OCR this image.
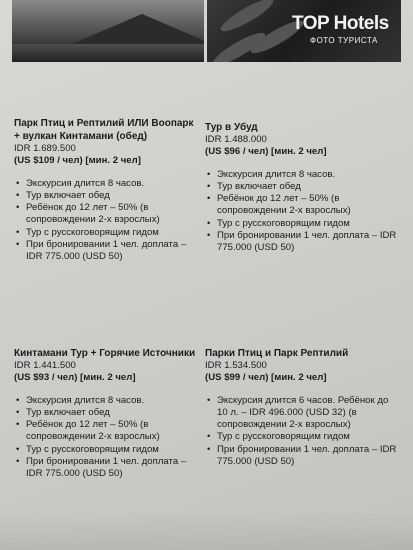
TOP Hotels
ФОТО ТУРИСТА
Парк Птиц и Рептилий ИЛИ Воопарк + вулкан Кинтамани (обед)
IDR 1.689.500
(US $109 / чел) [мин. 2 чел]
• Экскурсия длится 8 часов.
• Тур включает обед
• Ребёнок до 12 лет – 50% (в сопровождении 2-х взрослых)
• Тур с русскоговорящим гидом
• При бронировании 1 чел. доплата – IDR 775.000 (USD 50)
Тур в Убуд
IDR 1.488.000
(US $96 / чел) [мин. 2 чел]
• Экскурсия длится 8 часов.
• Тур включает обед
• Ребёнок до 12 лет – 50% (в сопровождении 2-х взрослых)
• Тур с русскоговорящим гидом
• При бронировании 1 чел. доплата – IDR 775.000 (USD 50)
Кинтамани Тур + Горячие Источники
IDR 1.441.500
(US $93 / чел) [мин. 2 чел]
• Экскурсия длится 8 часов.
• Тур включает обед
• Ребёнок до 12 лет – 50% (в сопровождении 2-х взрослых)
• Тур с русскоговорящим гидом
• При бронировании 1 чел. доплата – IDR 775.000 (USD 50)
Парки Птиц и Парк Рептилий
IDR 1.534.500
(US $99 / чел) [мин. 2 чел]
• Экскурсия длится 6 часов. Ребёнок до 10 л. – IDR 496.000 (USD 32) (в сопровождении 2-х взрослых)
• Тур с русскоговорящим гидом
• При бронировании 1 чел. доплата – IDR 775.000 (USD 50)
